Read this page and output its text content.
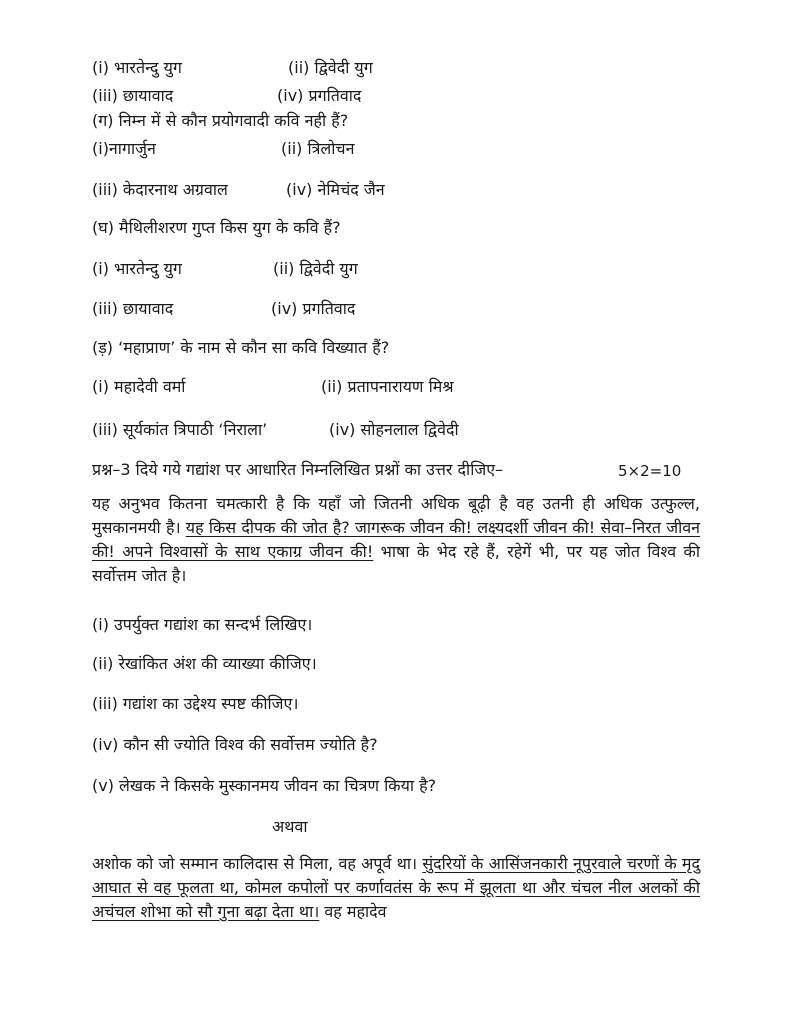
(i) भारतेन्दु युग	(ii) द्विवेदी युग
(iii) छायावाद	(iv) प्रगतिवाद
(ग) निम्न में से कौन प्रयोगवादी कवि नही हैं?
(i)नागार्जुन	(ii) त्रिलोचन
(iii) केदारनाथ अग्रवाल	(iv) नेमिचंद जैन
(घ) मैथिलीशरण गुप्त किस युग के कवि हैं?
(i) भारतेन्दु युग	(ii) द्विवेदी युग
(iii) छायावाद	(iv) प्रगतिवाद
(ड़) ‘महाप्राण’ के नाम से कौन सा कवि विख्यात हैं?
(i) महादेवी वर्मा	(ii) प्रतापनारायण मिश्र
(iii) सूर्यकांत त्रिपाठी ‘निराला’	(iv) सोहनलाल द्विवेदी
प्रश्न–3 दिये गये गद्यांश पर आधारित निम्नलिखित प्रश्नों का उत्तर दीजिए–	5×2=10
यह अनुभव कितना चमत्कारी है कि यहाँ जो जितनी अधिक बूढ़ी है वह उतनी ही अधिक उत्फुल्ल, मुसकानमयी है। यह किस दीपक की जोत है? जागरूक जीवन की! लक्ष्यदर्शी जीवन की! सेवा–निरत जीवन की! अपने विश्वासों के साथ एकाग्र जीवन की! भाषा के भेद रहे हैं, रहेगें भी, पर यह जोत विश्व की सर्वोत्तम जोत है।
(i) उपर्युक्त गद्यांश का सन्दर्भ लिखिए।
(ii) रेखांकित अंश की व्याख्या कीजिए।
(iii) गद्यांश का उद्देश्य स्पष्ट कीजिए।
(iv) कौन सी ज्योति विश्व की सर्वोत्तम ज्योति है?
(v) लेखक ने किसके मुस्कानमय जीवन का चित्रण किया है?
अथवा
अशोक को जो सम्मान कालिदास से मिला, वह अपूर्व था। सुंदरियों के आसिंजनकारी नूपुरवाले चरणों के मृदु आघात से वह फूलता था, कोमल कपोलों पर कर्णावतंस के रूप में झूलता था और चंचल नील अलकों की अचंचल शोभा को सौ गुना बढ़ा देता था। वह महादेव
